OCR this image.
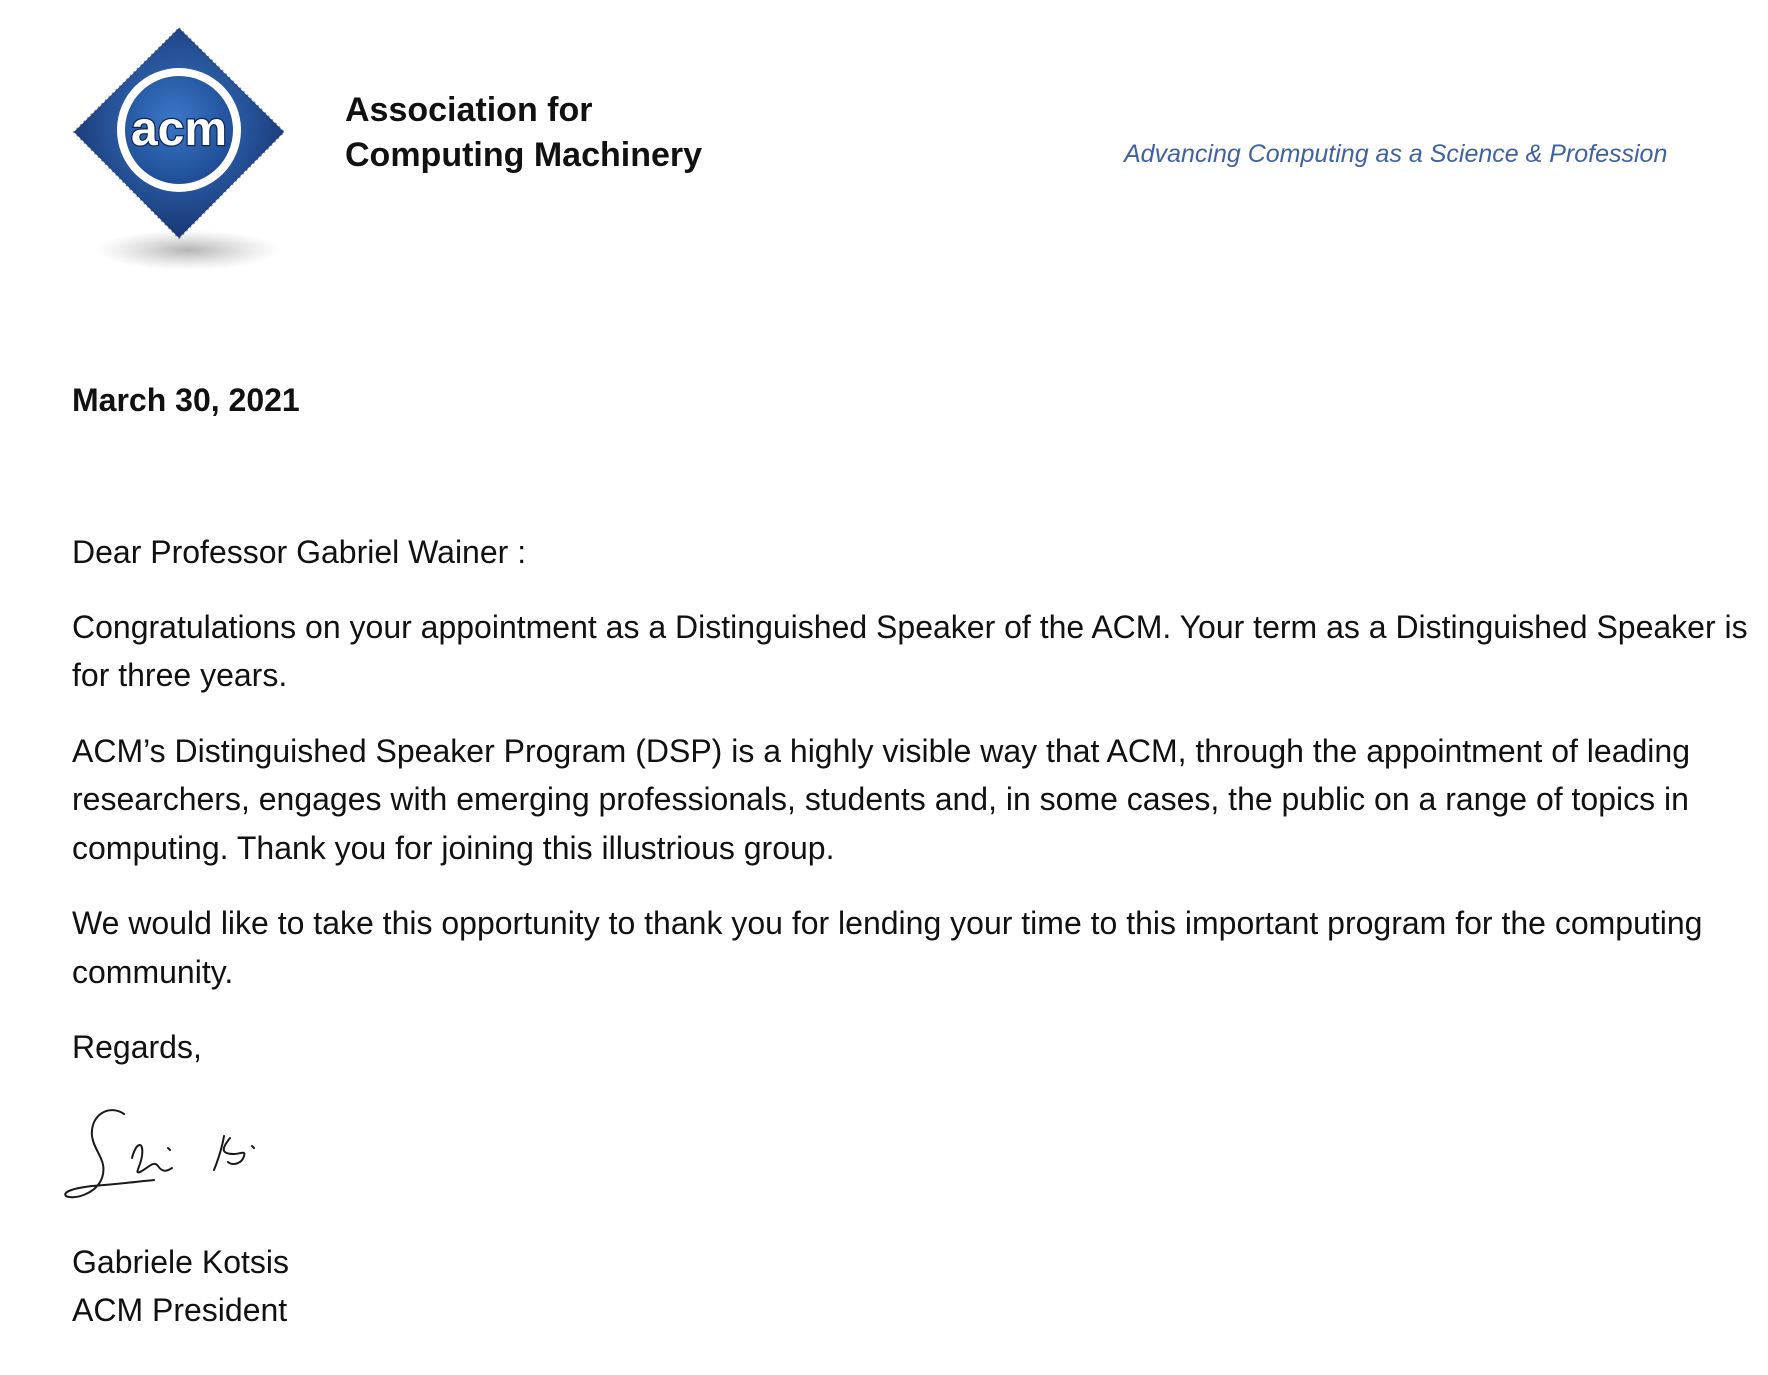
acm	Association for
Computing Machinery	Advancing Computing as a Science & Profession
March 30, 2021

Dear Professor Gabriel Wainer :

Congratulations on your appointment as a Distinguished Speaker of the ACM. Your term as a Distinguished Speaker is for three years.

ACM’s Distinguished Speaker Program (DSP) is a highly visible way that ACM, through the appointment of leading researchers, engages with emerging professionals, students and, in some cases, the public on a range of topics in computing. Thank you for joining this illustrious group.

We would like to take this opportunity to thank you for lending your time to this important program for the computing community.

Regards,

Gabriele Kotsis
ACM President
